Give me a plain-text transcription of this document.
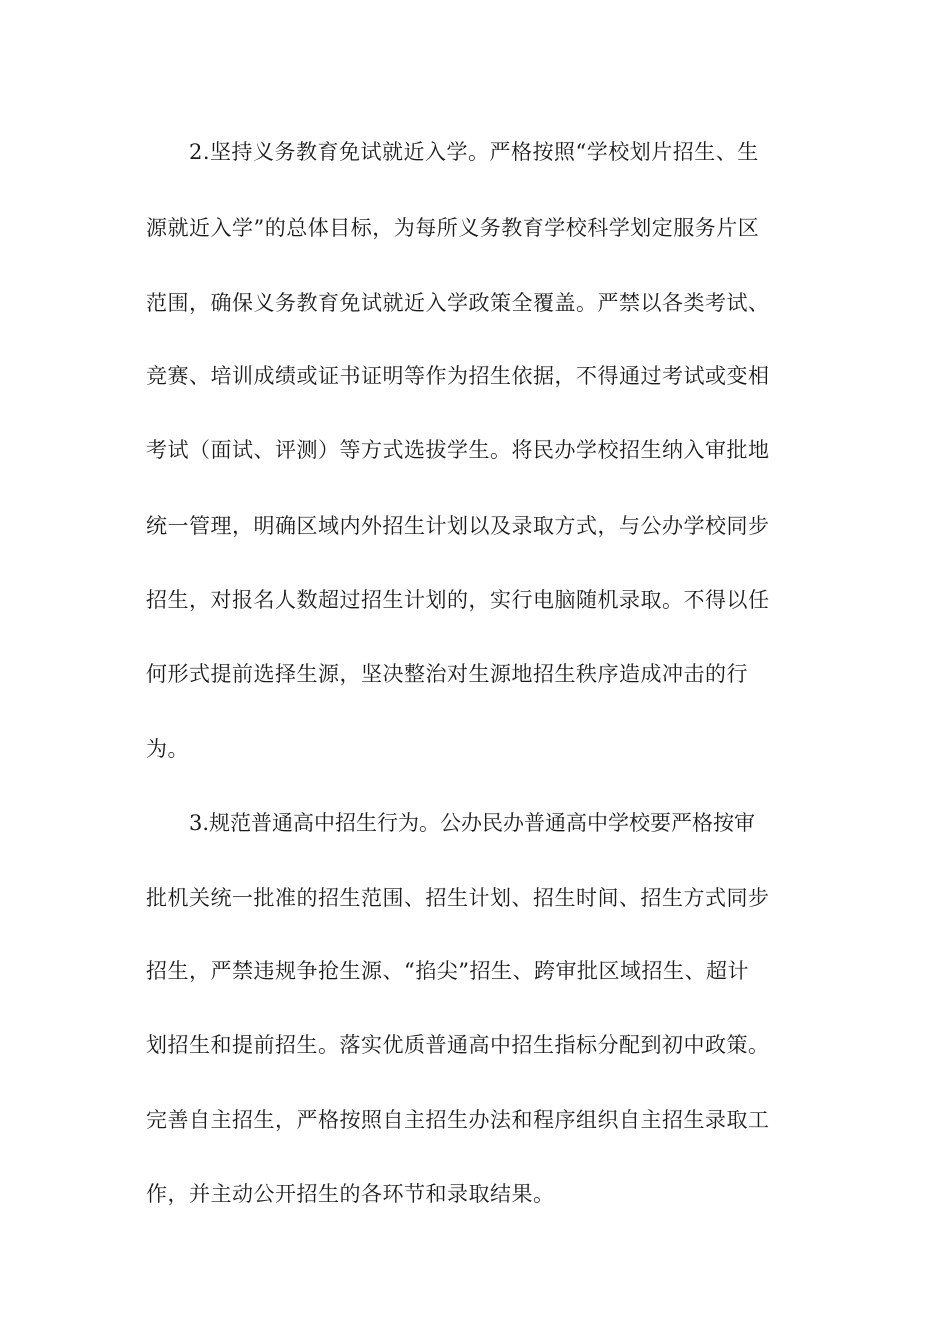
2.坚持义务教育免试就近入学。严格按照“学校划片招生、生
源就近入学”的总体目标，为每所义务教育学校科学划定服务片区
范围，确保义务教育免试就近入学政策全覆盖。严禁以各类考试、
竞赛、培训成绩或证书证明等作为招生依据，不得通过考试或变相
考试（面试、评测）等方式选拔学生。将民办学校招生纳入审批地
统一管理，明确区域内外招生计划以及录取方式，与公办学校同步
招生，对报名人数超过招生计划的，实行电脑随机录取。不得以任
何形式提前选择生源，坚决整治对生源地招生秩序造成冲击的行
为。
3.规范普通高中招生行为。公办民办普通高中学校要严格按审
批机关统一批准的招生范围、招生计划、招生时间、招生方式同步
招生，严禁违规争抢生源、“掐尖”招生、跨审批区域招生、超计
划招生和提前招生。落实优质普通高中招生指标分配到初中政策。
完善自主招生，严格按照自主招生办法和程序组织自主招生录取工
作，并主动公开招生的各环节和录取结果。
